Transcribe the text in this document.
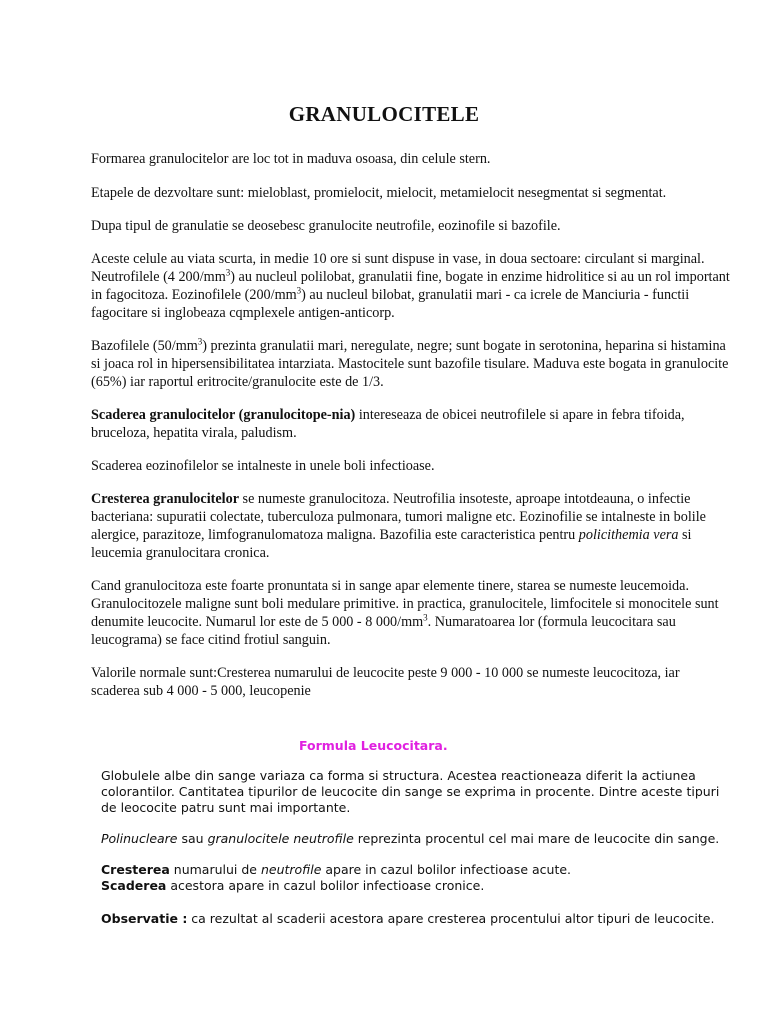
GRANULOCITELE

Formarea granulocitelor are loc tot in maduva osoasa, din celule stern.

Etapele de dezvoltare sunt: mieloblast, promielocit, mielocit, metamielocit nesegmentat si segmentat.

Dupa tipul de granulatie se deosebesc granulocite neutrofile, eozinofile si bazofile.

Aceste celule au viata scurta, in medie 10 ore si sunt dispuse in vase, in doua sectoare: circulant si marginal. Neutrofilele (4 $200/mm^3$) au nucleul polilobat, granulatii fine, bogate in enzime hidrolitice si au un rol important in fagocitoza. Eozinofilele $(200/mm^3)$ au nucleul bilobat, granulatii mari - ca icrele de Manciuria - functii fagocitare si inglobeaza cqmplexele antigen-anticorp.

Bazofilele $(50/mm^3)$ prezinta granulatii mari, neregulate, negre; sunt bogate in serotonina, heparina si histamina si joaca rol in hipersensibilitatea intarziata. Mastocitele sunt bazofile tisulare. Maduva este bogata in granulocite (65%) iar raportul eritrocite/granulocite este de 1/3.

Scaderea granulocitelor (granulocitope-nia) intereseaza de obicei neutrofilele si apare in febra tifoida, bruceloza, hepatita virala, paludism.

Scaderea eozinofilelor se intalneste in unele boli infectioase.

Cresterea granulocitelor se numeste granulocitoza. Neutrofilia insoteste, aproape intotdeauna, o infectie bacteriana: supuratii colectate, tuberculoza pulmonara, tumori maligne etc. Eozinofilie se intalneste in bolile alergice, parazitoze, limfogranulomatoza maligna. Bazofilia este caracteristica pentru policithemia vera si leucemia granulocitara cronica.

Cand granulocitoza este foarte pronuntata si in sange apar elemente tinere, starea se numeste leucemoida. Granulocitozele maligne sunt boli medulare primitive. in practica, granulocitele, limfocitele si monocitele sunt denumite leucocite. Numarul lor este de 5 000 - 8 $000/mm^3$. Numaratoarea lor (formula leucocitara sau leucograma) se face citind frotiul sanguin.

Valorile normale sunt:Cresterea numarului de leucocite peste 9 000 - 10 000 se numeste leucocitoza, iar scaderea sub 4 000 - 5 000, leucopenie

Formula Leucocitara.

Globulele albe din sange variaza ca forma si structura. Acestea reactioneaza diferit la actiunea colorantilor. Cantitatea tipurilor de leucocite din sange se exprima in procente. Dintre aceste tipuri de leococite patru sunt mai importante.

Polinucleare sau granulocitele neutrofile reprezinta procentul cel mai mare de leucocite din sange.

Cresterea numarului de neutrofile apare in cazul bolilor infectioase acute.

Scaderea acestora apare in cazul bolilor infectioase cronice.

Observatie : ca rezultat al scaderii acestora apare cresterea procentului altor tipuri de leucocite.
